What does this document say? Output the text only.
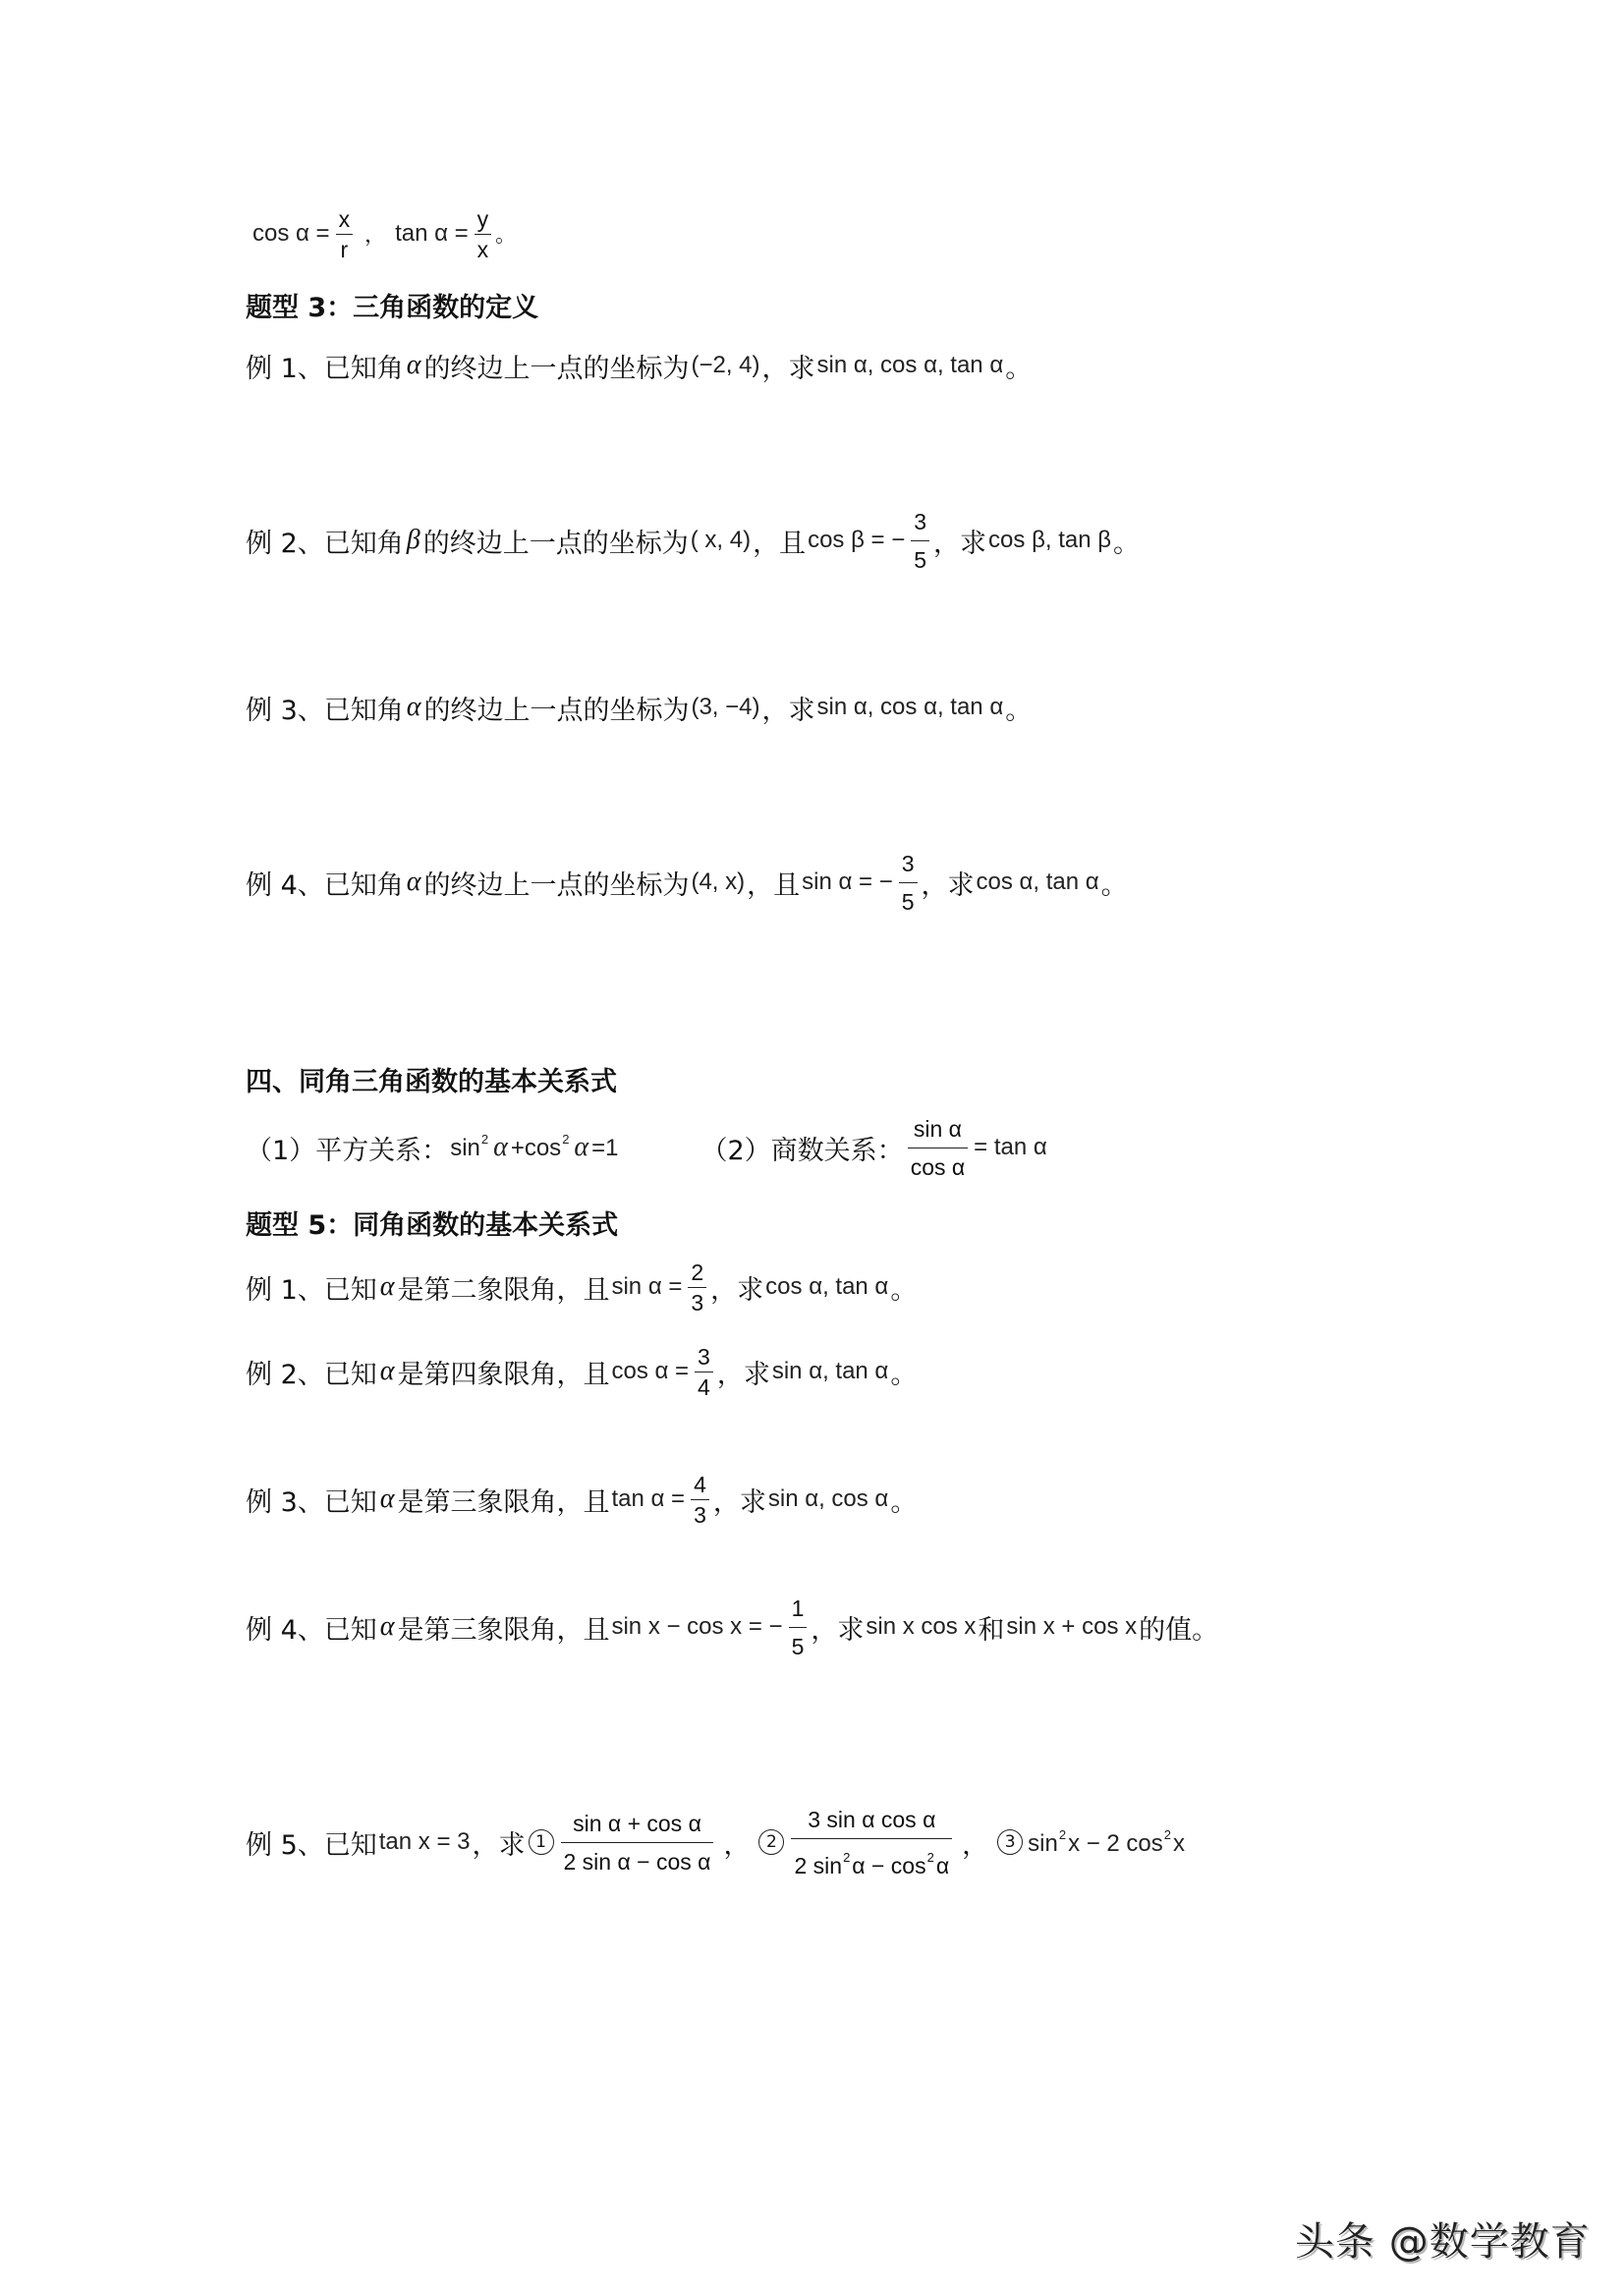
$\cos \alpha = \frac{x}{r}$ ， $\tan \alpha = \frac{y}{x}$ 。
题型 3：三角函数的定义
例 1、已知角 α 的终边上一点的坐标为 (−2, 4) ，求 sin α, cos α, tan α 。
例 2、已知角 β 的终边上一点的坐标为 ( x, 4) ，且 cos β = − $\frac{3}{5}$ ，求 cos β, tan β 。
例 3、已知角 α 的终边上一点的坐标为 (3, −4) ，求 sin α, cos α, tan α 。
例 4、已知角 α 的终边上一点的坐标为 (4, x) ，且 sin α = − $\frac{3}{5}$ ，求 cos α, tan α 。
四、同角三角函数的基本关系式
（1）平方关系： $\sin^2 \alpha +\cos^2$ α =1	（2）商数关系： $\frac{\text{sin α}}{\text{cos α}} = \tan \alpha$
题型 5：同角函数的基本关系式
例 1、已知 α 是第二象限角，且 $\sin \alpha = \frac{2}{3}$ ，求 cos α, tan α 。
例 2、已知 α 是第四象限角，且 $\cos \alpha = \frac{3}{4}$ ，求 sin α, tan α 。
例 3、已知 α 是第三象限角，且 $\tan \alpha = \frac{4}{3}$ ，求 sin α, cos α 。
例 4、已知 α 是第三象限角，且 sin x − cos x = − $\frac{1}{5}$ ，求 sin x cos x 和 sin x + cos x 的值。
例 5、已知 tan x = 3 ，求 $1 \frac{\text{sin α + cos α}}{\text{2 sin α − cos α}}$ ， $2 \frac{\text{3 sin α cos α}}{2 \sin^2\alpha - \cos^2\alpha}$ ， 3 $\sin^2x - 2$ $\cos^2x$
头条 @数学教育
